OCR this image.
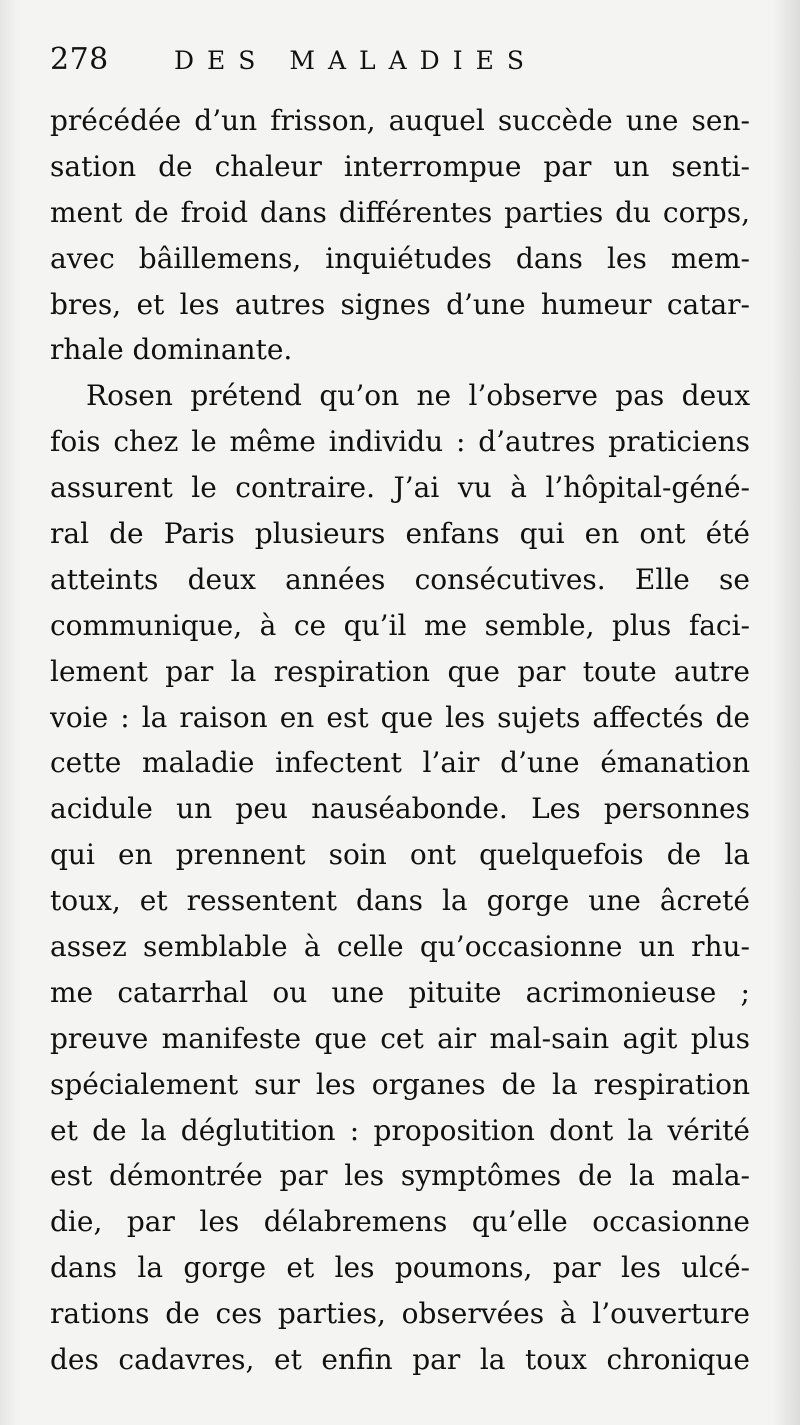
278	DES MALADIES
précédée d’un frisson, auquel succède une sen-
sation de chaleur interrompue par un senti-
ment de froid dans différentes parties du corps,
avec bâillemens, inquiétudes dans les mem-
bres, et les autres signes d’une humeur catar-
rhale dominante.
Rosen prétend qu’on ne l’observe pas deux
fois chez le même individu : d’autres praticiens
assurent le contraire. J’ai vu à l’hôpital-géné-
ral de Paris plusieurs enfans qui en ont été
atteints deux années consécutives. Elle se
communique, à ce qu’il me semble, plus faci-
lement par la respiration que par toute autre
voie : la raison en est que les sujets affectés de
cette maladie infectent l’air d’une émanation
acidule un peu nauséabonde. Les personnes
qui en prennent soin ont quelquefois de la
toux, et ressentent dans la gorge une âcreté
assez semblable à celle qu’occasionne un rhu-
me catarrhal ou une pituite acrimonieuse ;
preuve manifeste que cet air mal-sain agit plus
spécialement sur les organes de la respiration
et de la déglutition : proposition dont la vérité
est démontrée par les symptômes de la mala-
die, par les délabremens qu’elle occasionne
dans la gorge et les poumons, par les ulcé-
rations de ces parties, observées à l’ouverture
des cadavres, et enfin par la toux chronique
